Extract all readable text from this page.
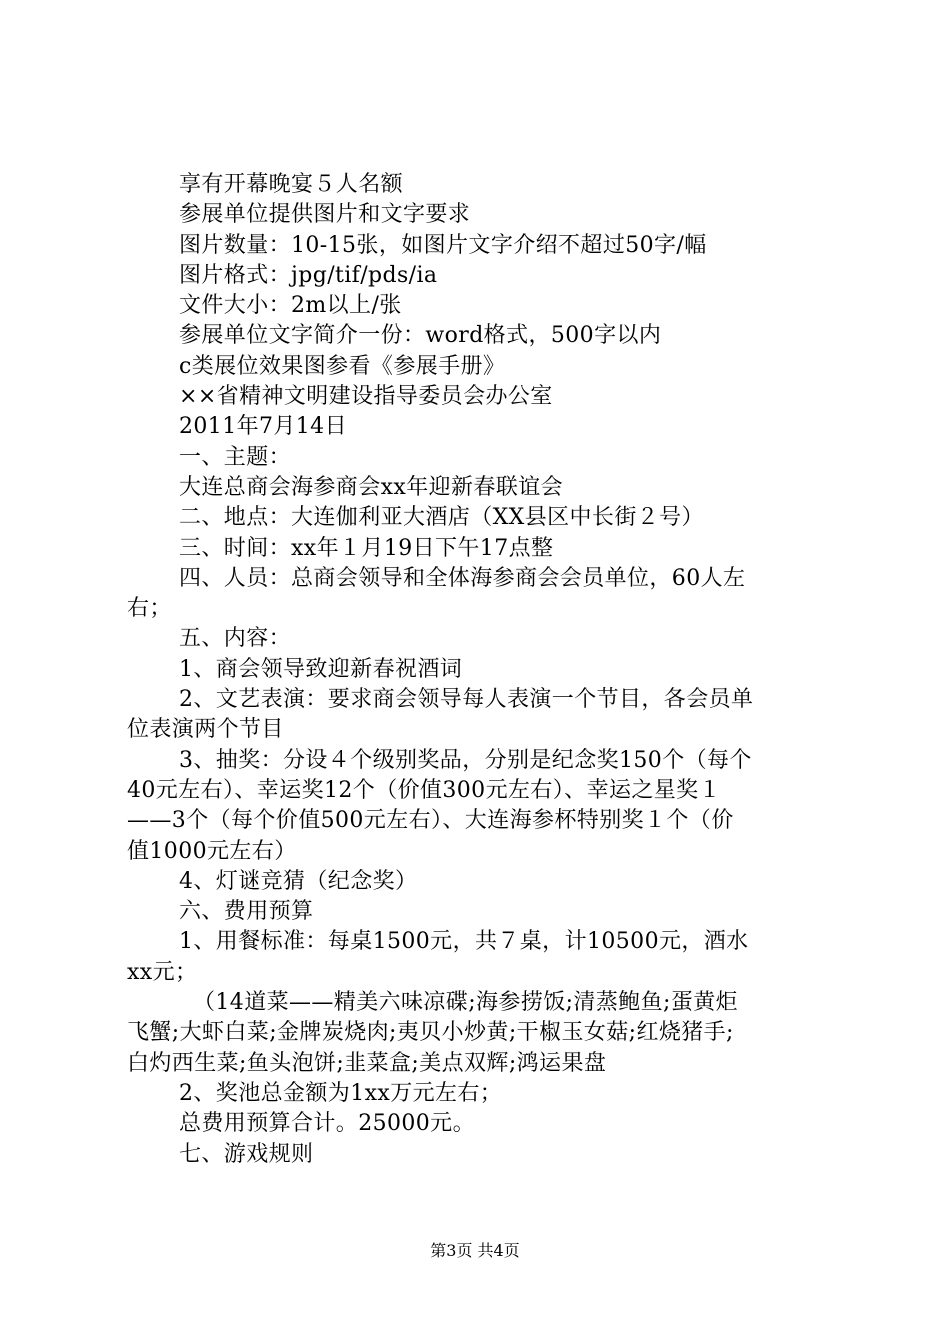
享有开幕晚宴５人名额

参展单位提供图片和文字要求

图片数量：10-15张，如图片文字介绍不超过50字/幅

图片格式：jpg/tif/pds/ia

文件大小：2m以上/张

参展单位文字简介一份：word格式，500字以内

c类展位效果图参看《参展手册》

××省精神文明建设指导委员会办公室

2011年7月14日

一、主题：

大连总商会海参商会xx年迎新春联谊会

二、地点：大连伽利亚大酒店（XX县区中长街２号）

三、时间：xx年１月19日下午17点整

四、人员：总商会领导和全体海参商会会员单位，60人左

右；

五、内容：

1、商会领导致迎新春祝酒词

2、文艺表演：要求商会领导每人表演一个节目，各会员单

位表演两个节目

3、抽奖：分设４个级别奖品，分别是纪念奖150个（每个

40元左右）、幸运奖12个（价值300元左右）、幸运之星奖１

——3个（每个价值500元左右）、大连海参杯特别奖１个（价

值1000元左右）

4、灯谜竞猜（纪念奖）

六、费用预算

1、用餐标准：每桌1500元，共７桌，计10500元，酒水

xx元；

（14道菜——精美六味凉碟;海参捞饭;清蒸鲍鱼;蛋黄炬

飞蟹;大虾白菜;金牌炭烧肉;夷贝小炒黄;干椒玉女菇;红烧猪手;

白灼西生菜;鱼头泡饼;韭菜盒;美点双辉;鸿运果盘

2、奖池总金额为1xx万元左右；

总费用预算合计。25000元。

七、游戏规则

第3页 共4页
